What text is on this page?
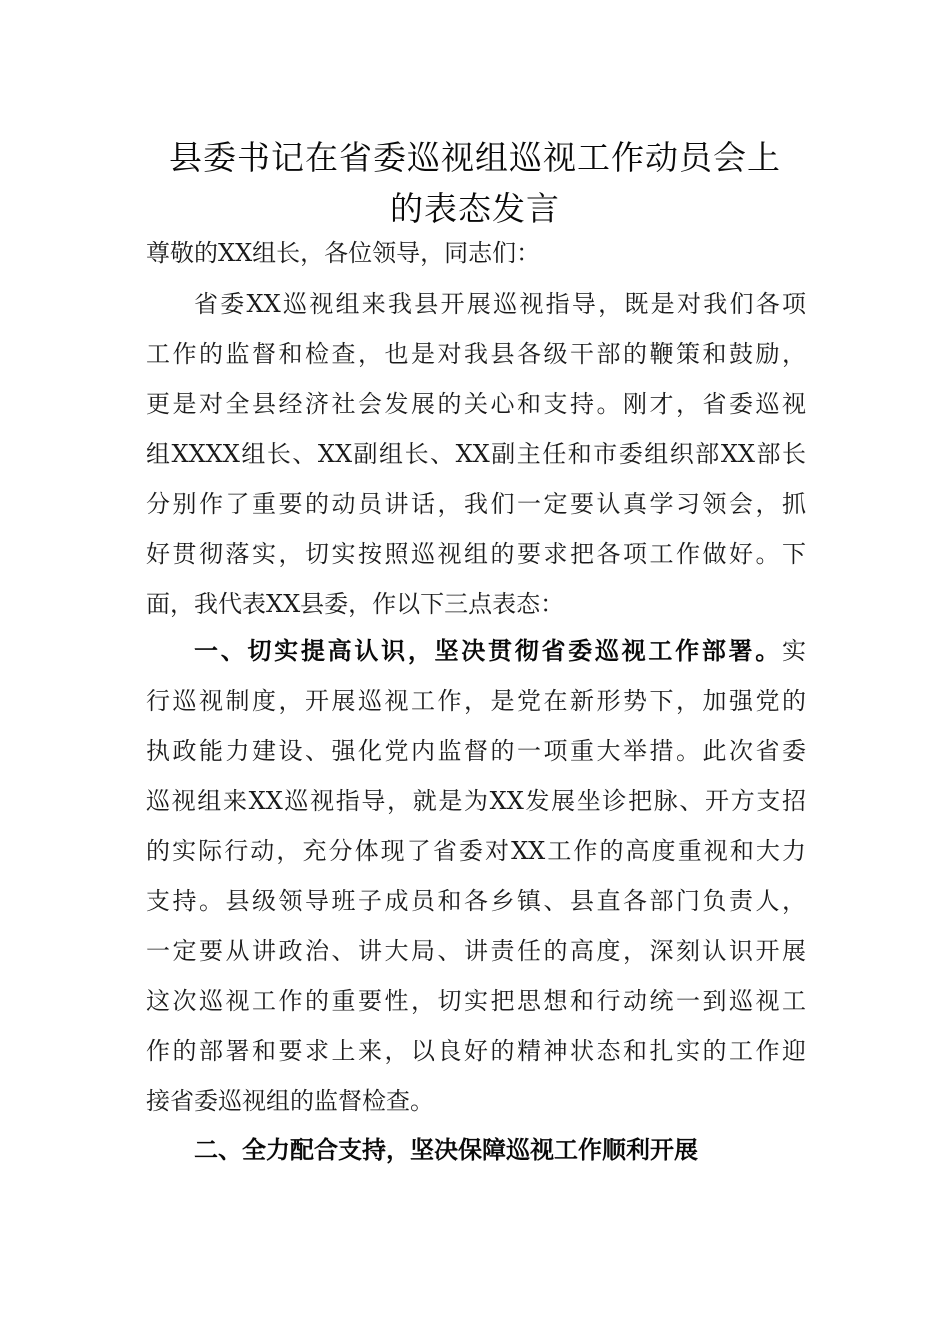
县委书记在省委巡视组巡视工作动员会上
的表态发言
尊敬的XX组长，各位领导，同志们：
省委XX巡视组来我县开展巡视指导，既是对我们各项
工作的监督和检查，也是对我县各级干部的鞭策和鼓励，
更是对全县经济社会发展的关心和支持。刚才，省委巡视
组XXXX组长、XX副组长、XX副主任和市委组织部XX部长
分别作了重要的动员讲话，我们一定要认真学习领会，抓
好贯彻落实，切实按照巡视组的要求把各项工作做好。下
面，我代表XX县委，作以下三点表态：
一、切实提高认识，坚决贯彻省委巡视工作部署。实
行巡视制度，开展巡视工作，是党在新形势下，加强党的
执政能力建设、强化党内监督的一项重大举措。此次省委
巡视组来XX巡视指导，就是为XX发展坐诊把脉、开方支招
的实际行动，充分体现了省委对XX工作的高度重视和大力
支持。县级领导班子成员和各乡镇、县直各部门负责人，
一定要从讲政治、讲大局、讲责任的高度，深刻认识开展
这次巡视工作的重要性，切实把思想和行动统一到巡视工
作的部署和要求上来，以良好的精神状态和扎实的工作迎
接省委巡视组的监督检查。
二、全力配合支持，坚决保障巡视工作顺利开展
